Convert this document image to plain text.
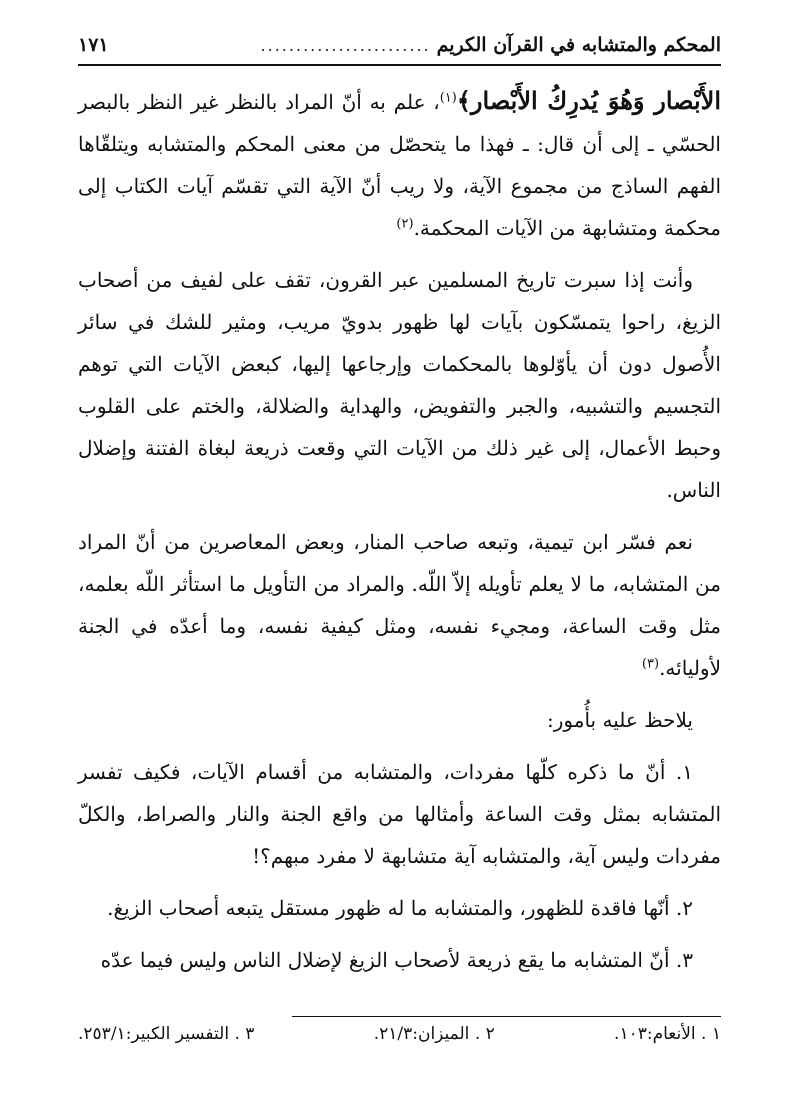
المحكم والمتشابه في القرآن الكريم
........................
١٧١

الأَبْصار وَهُوَ يُدرِكُ الأَبْصار﴾$^{(١)}$، علم به أنّ المراد بالنظر غير النظر بالبصر الحسّي ـ إلى أن قال: ـ فهذا ما يتحصّل من معنى المحكم والمتشابه ويتلقّاها الفهم الساذج من مجموع الآية، ولا ريب أنّ الآية التي تقسّم آيات الكتاب إلى محكمة ومتشابهة من الآيات المحكمة.$^{(٢)}$

وأنت إذا سبرت تاريخ المسلمين عبر القرون، تقف على لفيف من أصحاب الزيغ، راحوا يتمسّكون بآيات لها ظهور بدويّ مريب، ومثير للشك في سائر الأُصول دون أن يأوّلوها بالمحكمات وإرجاعها إليها، كبعض الآيات التي توهم التجسيم والتشبيه، والجبر والتفويض، والهداية والضلالة، والختم على القلوب وحبط الأعمال، إلى غير ذلك من الآيات التي وقعت ذريعة لبغاة الفتنة وإضلال الناس.

نعم فسّر ابن تيمية، وتبعه صاحب المنار، وبعض المعاصرين من أنّ المراد من المتشابه، ما لا يعلم تأويله إلاّ اللّه. والمراد من التأويل ما استأثر اللّه بعلمه، مثل وقت الساعة، ومجيء نفسه، ومثل كيفية نفسه، وما أعدّه في الجنة لأوليائه.$^{(٣)}$

يلاحظ عليه بأُمور:

١. أنّ ما ذكره كلّها مفردات، والمتشابه من أقسام الآيات، فكيف تفسر المتشابه بمثل وقت الساعة وأمثالها من واقع الجنة والنار والصراط، والكلّ مفردات وليس آية، والمتشابه آية متشابهة لا مفرد مبهم؟!

٢. أنّها فاقدة للظهور، والمتشابه ما له ظهور مستقل يتبعه أصحاب الزيغ.

٣. أنّ المتشابه ما يقع ذريعة لأصحاب الزيغ لإضلال الناس وليس فيما عدّه

١ . الأنعام:١٠٣.
٢ . الميزان:٢١/٣.
٣ . التفسير الكبير:٢٥٣/١.
